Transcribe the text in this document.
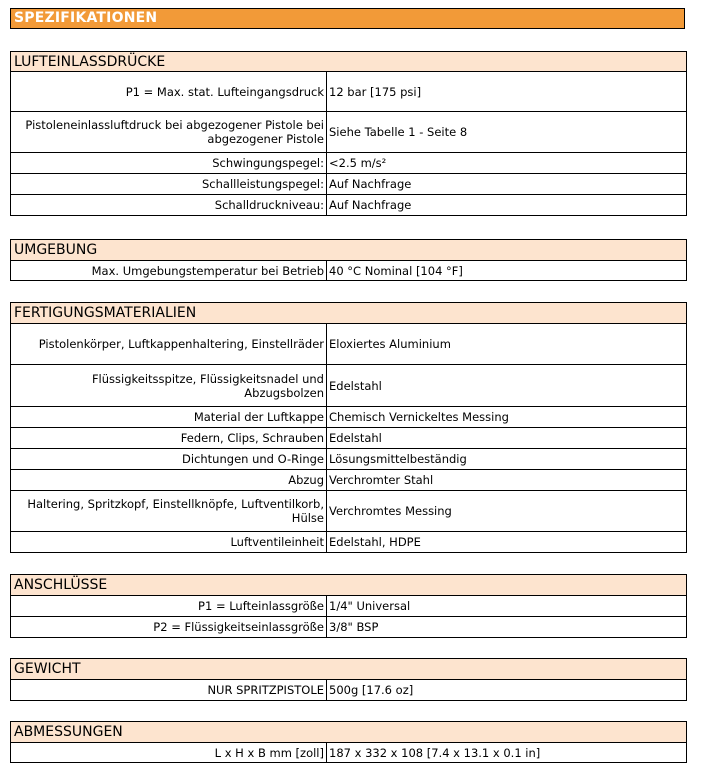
SPEZIFIKATIONEN
LUFTEINLASSDRÜCKE	
P1 = Max. stat. Lufteingangsdruck	12 bar [175 psi]
Pistoleneinlassluftdruck bei abgezogener Pistole bei abgezogener Pistole	Siehe Tabelle 1 - Seite 8
Schwingungspegel:	<2.5 m/s²
Schallleistungspegel:	Auf Nachfrage
Schalldruckniveau:	Auf Nachfrage
UMGEBUNG
Max. Umgebungstemperatur bei Betrieb	40 °C Nominal [104 °F]
FERTIGUNGSMATERIALIEN	
Pistolenkörper, Luftkappenhaltering, Einstellräder	Eloxiertes Aluminium
Flüssigkeitsspitze, Flüssigkeitsnadel und Abzugsbolzen	Edelstahl
Material der Luftkappe	Chemisch Vernickeltes Messing
Federn, Clips, Schrauben	Edelstahl
Dichtungen und O-Ringe	Lösungsmittelbeständig
Abzug	Verchromter Stahl
Haltering, Spritzkopf, Einstellknöpfe, Luftventilkorb, Hülse	Verchromtes Messing
Luftventileinheit	Edelstahl, HDPE
ANSCHLÜSSE	
P1 = Lufteinlassgröße	1/4" Universal
P2 = Flüssigkeitseinlassgröße	3/8" BSP
GEWICHT
NUR SPRITZPISTOLE	500g [17.6 oz]
ABMESSUNGEN
L x H x B mm [zoll]	187 x 332 x 108 [7.4 x 13.1 x 0.1 in]
